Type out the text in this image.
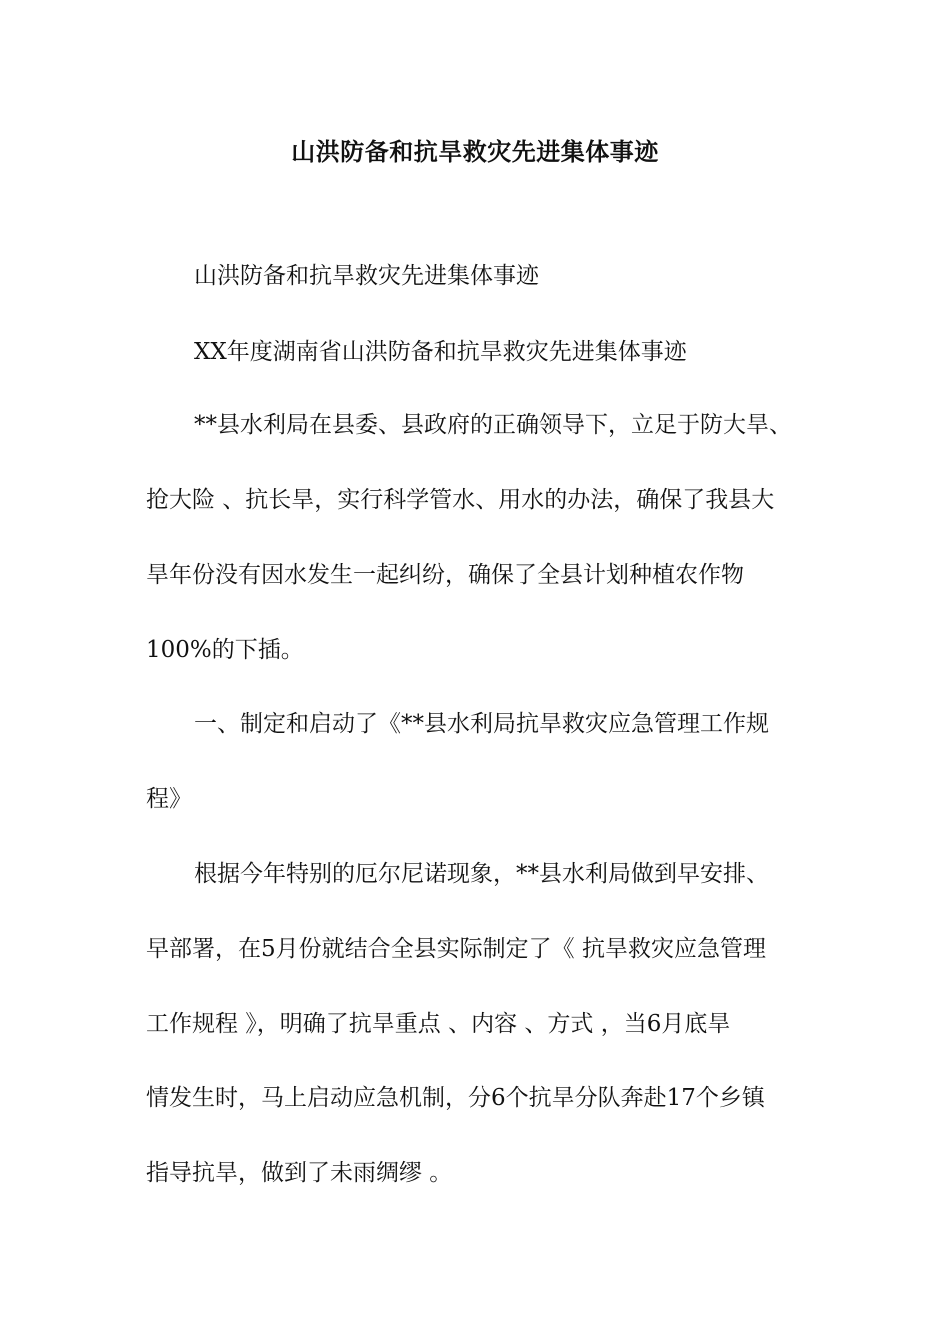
山洪防备和抗旱救灾先进集体事迹
山洪防备和抗旱救灾先进集体事迹
XX年度湖南省山洪防备和抗旱救灾先进集体事迹
**县水利局在县委、县政府的正确领导下，立足于防大旱、
抢大险 、抗长旱，实行科学管水、用水的办法，确保了我县大
旱年份没有因水发生一起纠纷，确保了全县计划种植农作物
100%的下插。
一、制定和启动了《**县水利局抗旱救灾应急管理工作规
程》
根据今年特别的厄尔尼诺现象，**县水利局做到早安排、
早部署，在5月份就结合全县实际制定了《 抗旱救灾应急管理
工作规程 》，明确了抗旱重点 、内容 、方式 ，当6月底旱
情发生时，马上启动应急机制，分6个抗旱分队奔赴17个乡镇
指导抗旱，做到了未雨绸缪 。
